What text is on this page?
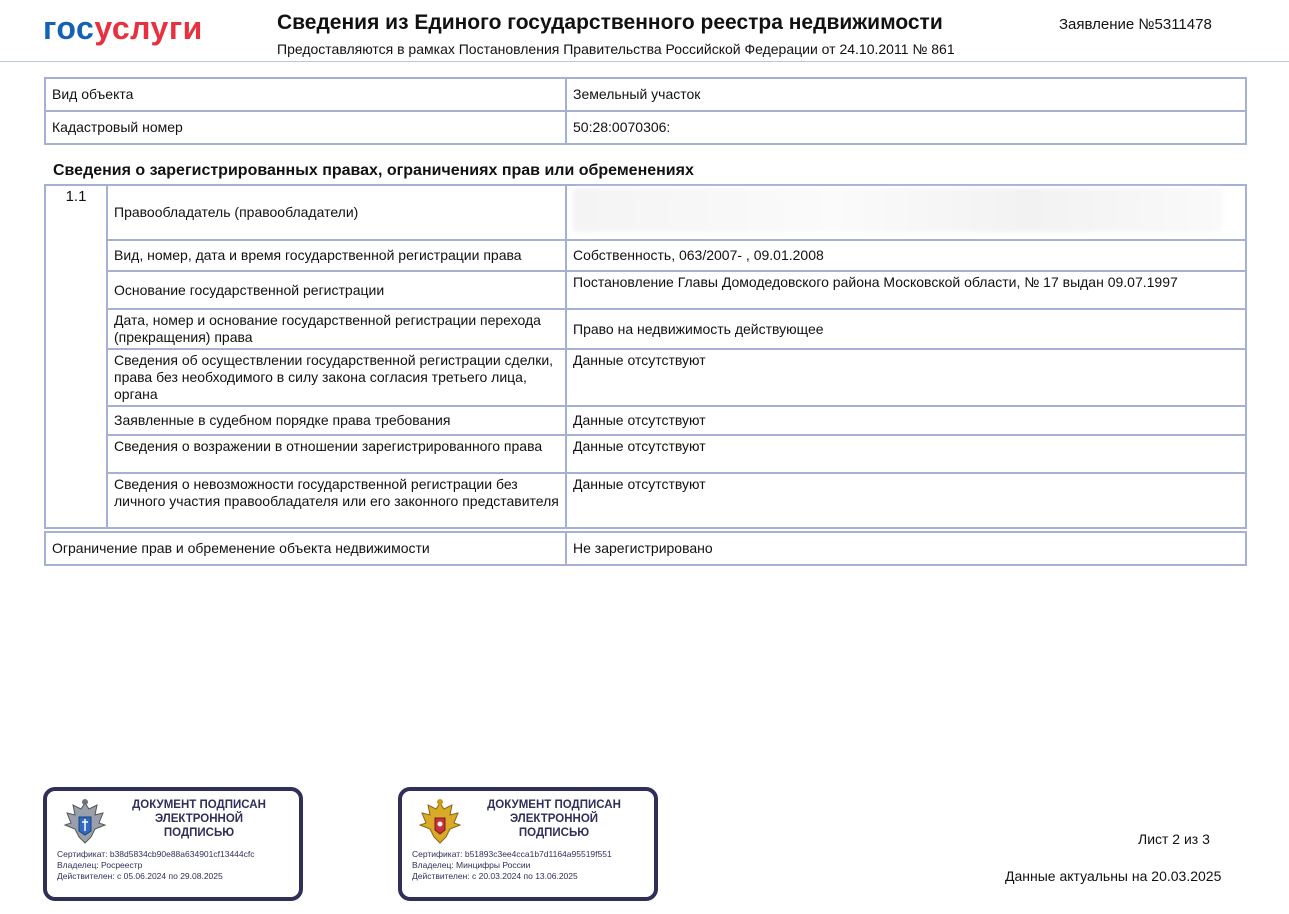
госуслуги	Сведения из Единого государственного реестра недвижимости
Предоставляются в рамках Постановления Правительства Российской Федерации от 24.10.2011 № 861
Заявление №5311478
Вид объекта	Земельный участок
Кадастровый номер	50:28:0070306:
Сведения о зарегистрированных правах, ограничениях прав или обременениях
1.1	Правообладатель (правообладатели)	
	Вид, номер, дата и время государственной регистрации права	Собственность, 063/2007- , 09.01.2008
	Основание государственной регистрации	Постановление Главы Домодедовского района Московской области, № 17 выдан 09.07.1997
	Дата, номер и основание государственной регистрации перехода (прекращения) права	Право на недвижимость действующее
	Сведения об осуществлении государственной регистрации сделки, права без необходимого в силу закона согласия третьего лица, органа	Данные отсутствуют
	Заявленные в судебном порядке права требования	Данные отсутствуют
	Сведения о возражении в отношении зарегистрированного права	Данные отсутствуют
	Сведения о невозможности государственной регистрации без личного участия правообладателя или его законного представителя	Данные отсутствуют
Ограничение прав и обременение объекта недвижимости	Не зарегистрировано
ДОКУМЕНТ ПОДПИСАН ЭЛЕКТРОННОЙ ПОДПИСЬЮ
Сертификат: b38d5834cb90e88a634901cf13444cfc
Владелец: Росреестр
Действителен: с 05.06.2024 по 29.08.2025
ДОКУМЕНТ ПОДПИСАН ЭЛЕКТРОННОЙ ПОДПИСЬЮ
Сертификат: b51893c3ee4cca1b7d1164a95519f551
Владелец: Минцифры России
Действителен: с 20.03.2024 по 13.06.2025
Лист 2 из 3
Данные актуальны на 20.03.2025
